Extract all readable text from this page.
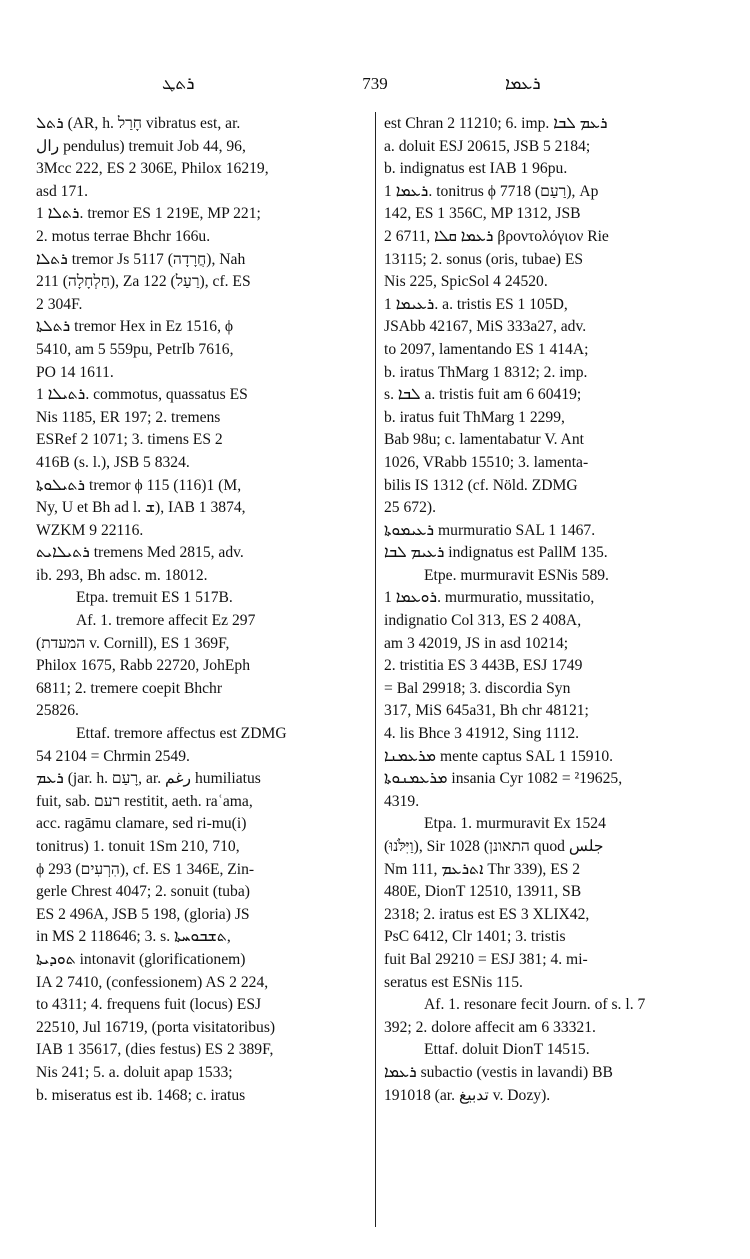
ܪܬܛ	739	ܪܥܡܐ
ܪܬܠ (AR, h. חָרַל vibratus est, ar.
ﺭﺍﻝ pendulus) tremuit Job 44, 96,
3Mcc 222, ES 2 306E, Philox 16219,
asd 171.
ܪܬܠܐ 1. tremor ES 1 219E, MP 221;
2. motus terrae Bhchr 166u.
ܪܬܠܐ tremor Js 5117 (חֲרָדָה), Nah
211 (חַלְחָלָה), Za 122 (רַעַל), cf. ES
2 304F.
ܪܬܠܬܐ tremor Hex in Ez 1516, ϕ
5410, am 5 559pu, PetrIb 7616,
PO 14 1611.
ܪܬܝܠܐ 1. commotus, quassatus ES
Nis 1185, ER 197; 2. tremens
ESRef 2 1071; 3. timens ES 2
416B (s. l.), JSB 5 8324.
ܪܬܝܠܘܬܐ tremor ϕ 115 (116)1 (M,
Ny, U et Bh ad l. ܫ), IAB 1 3874,
WZKM 9 22116.
ܪܬܝܠܐܝܬ tremens Med 2815, adv.
ib. 293, Bh adsc. m. 18012.
Etpa. tremuit ES 1 517B.
Af. 1. tremore affecit Ez 297
(המעדת v. Cornill), ES 1 369F,
Philox 1675, Rabb 22720, JohEph
6811; 2. tremere coepit Bhchr
25826.
Ettaf. tremore affectus est ZDMG
54 2104 = Chrmin 2549.
ܪܥܡ (jar. h. רָעַם, ar. ﺭﻏﻢ humiliatus
fuit, sab. רעם restitit, aeth. raʿama,
acc. ragāmu clamare, sed ri-mu(i)
tonitrus) 1. tonuit 1Sm 210, 710,
ϕ 293 (הִרְעִים), cf. ES 1 346E, Zin-
gerle Chrest 4047; 2. sonuit (tuba)
ES 2 496A, JSB 5 198, (gloria) JS
in MS 2 118646; 3. s. ܬܫܒܘܚܬܐ,
ܬܘܕܝܬܐ intonavit (glorificationem)
IA 2 7410, (confessionem) AS 2 224,
to 4311; 4. frequens fuit (locus) ESJ
22510, Jul 16719, (porta visitatoribus)
IAB 1 35617, (dies festus) ES 2 389F,
Nis 241; 5. a. doluit apap 1533;
b. miseratus est ib. 1468; c. iratus
est Chran 2 11210; 6. imp. ܪܥܡ ܠܒܐ
a. doluit ESJ 20615, JSB 5 2184;
b. indignatus est IAB 1 96pu.
ܪܥܡܐ 1. tonitrus ϕ 7718 (רַעַם), Ap
142, ES 1 356C, MP 1312, JSB
2 6711, ܪܥܡܐ ܩܠܐ βροντολόγιον Rie
13115; 2. sonus (oris, tubae) ES
Nis 225, SpicSol 4 24520.
ܪܥܝܡܐ 1. a. tristis ES 1 105D,
JSAbb 42167, MiS 333a27, adv.
to 2097, lamentando ES 1 414A;
b. iratus ThMarg 1 8312; 2. imp.
s. ܠܒܐ a. tristis fuit am 6 60419;
b. iratus fuit ThMarg 1 2299,
Bab 98u; c. lamentabatur V. Ant
1026, VRabb 15510; 3. lamenta-
bilis IS 1312 (cf. Nöld. ZDMG
25 672).
ܪܥܝܡܘܬܐ murmuratio SAL 1 1467.
ܪܥܝܡ ܠܒܐ indignatus est PallM 135.
Etpe. murmuravit ESNis 589.
ܪܘܥܡܐ 1. murmuratio, mussitatio,
indignatio Col 313, ES 2 408A,
am 3 42019, JS in asd 10214;
2. tristitia ES 3 443B, ESJ 1749
= Bal 29918; 3. discordia Syn
317, MiS 645a31, Bh chr 48121;
4. lis Bhce 3 41912, Sing 1112.
ܡܪܥܡܢܐ mente captus SAL 1 15910.
ܡܪܥܡܢܘܬܐ insania Cyr 1082 = ²19625,
4319.
Etpa. 1. murmuravit Ex 1524
(וַיִּלֹּנוּ), Sir 1028 (התאונן quod ﺟﻠﺲ
Nm 111, ܐܬܪܥܡ Thr 339), ES 2
480E, DionT 12510, 13911, SB
2318; 2. iratus est ES 3 XLIX42,
PsC 6412, Clr 1401; 3. tristis
fuit Bal 29210 = ESJ 381; 4. mi-
seratus est ESNis 115.
Af. 1. resonare fecit Journ. of s. l. 7
392; 2. dolore affecit am 6 33321.
Ettaf. doluit DionT 14515.
ܪܥܡܐ subactio (vestis in lavandi) BB
191018 (ar. ﺗﺪﺑﻴﻎ v. Dozy).
